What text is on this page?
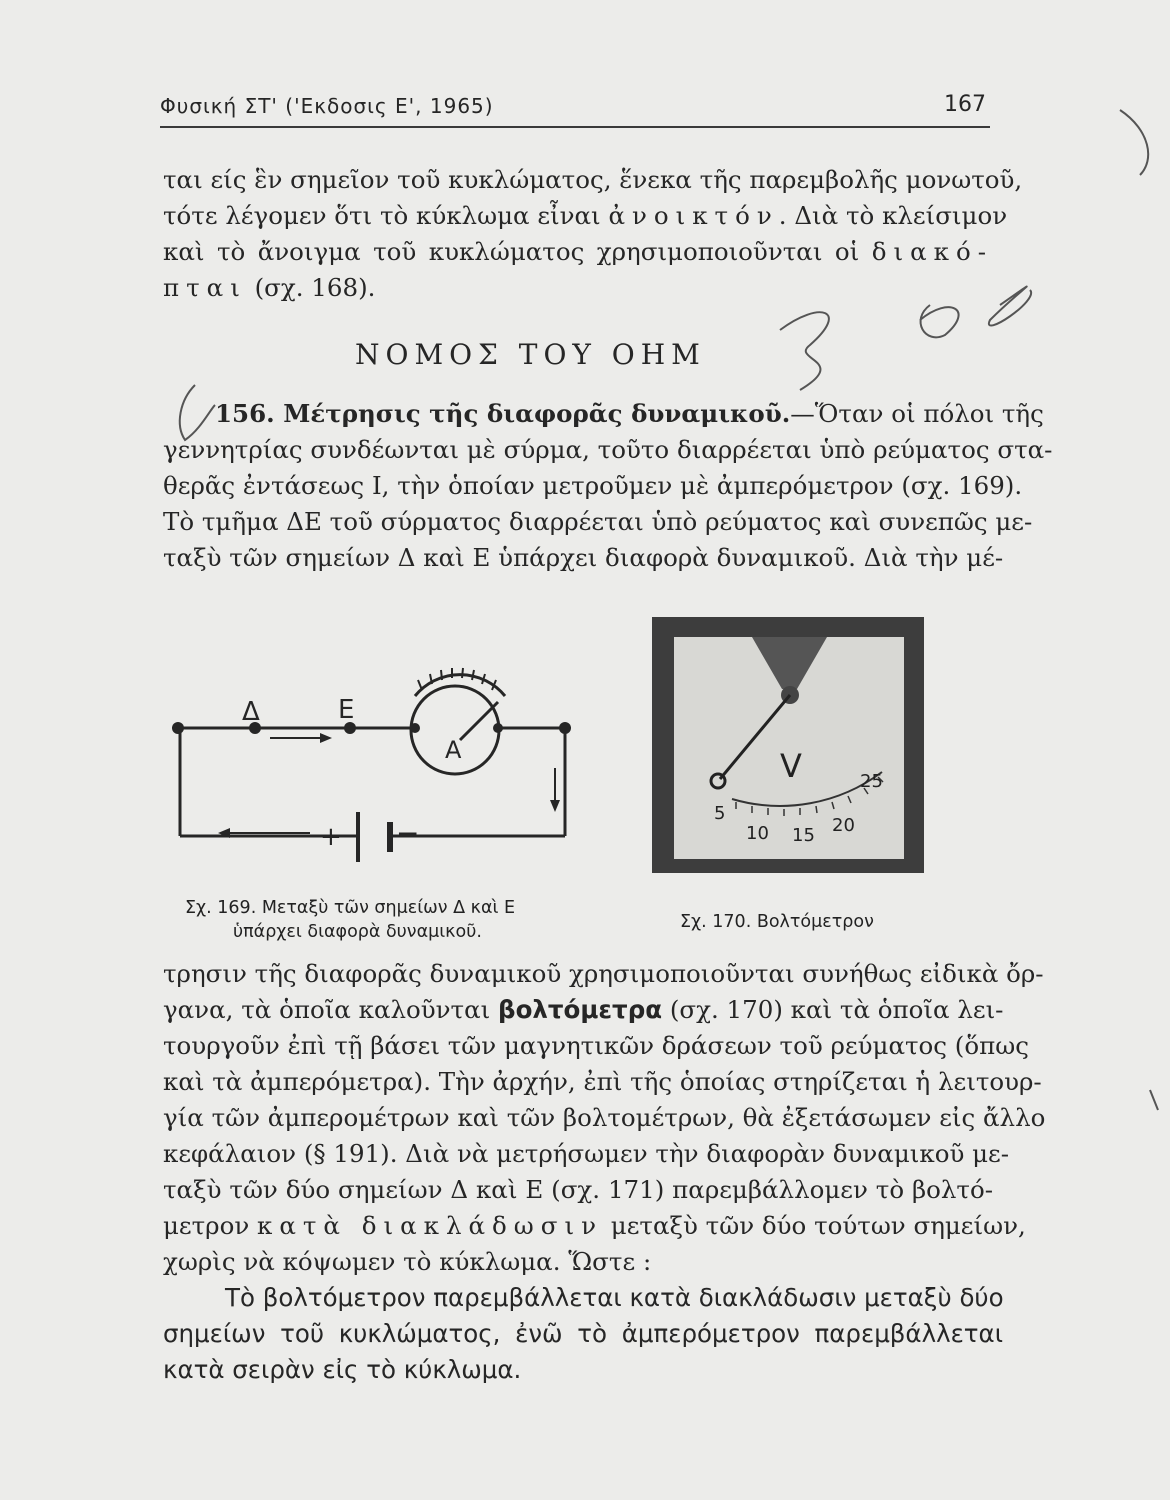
Φυσική ΣΤ' ('Εκδοσις Ε', 1965)	167
ται είς ἓν σημεῖον τοῦ κυκλώματος, ἕνεκα τῆς παρεμβολῆς μονωτοῦ,
τότε λέγομεν ὅτι τὸ κύκλωμα εἶναι ἀνοικτόν. Διὰ τὸ κλείσιμον
καὶ τὸ ἄνοιγμα τοῦ κυκλώματος χρησιμοποιοῦνται οἱ διακό-
πται (σχ. 168).
ΝΟΜΟΣ ΤΟΥ ΟΗΜ
156. Μέτρησις τῆς διαφορᾶς δυναμικοῦ.—Ὅταν οἱ πόλοι τῆς
γεννητρίας συνδέωνται μὲ σύρμα, τοῦτο διαρρέεται ὑπὸ ρεύματος στα-
θερᾶς ἐντάσεως Ι, τὴν ὁποίαν μετροῦμεν μὲ ἀμπερόμετρον (σχ. 169).
Τὸ τμῆμα ΔΕ τοῦ σύρματος διαρρέεται ὑπὸ ρεύματος καὶ συνεπῶς με-
ταξὺ τῶν σημείων Δ καὶ Ε ὑπάρχει διαφορὰ δυναμικοῦ. Διὰ τὴν μέ-
Δ	Ε
A
+ −
Σχ. 169. Μεταξὺ τῶν σημείων Δ καὶ Ε
ὑπάρχει διαφορὰ δυναμικοῦ.
V
5
10 15 20
25
Σχ. 170. Βολτόμετρον
τρησιν τῆς διαφορᾶς δυναμικοῦ χρησιμοποιοῦνται συνήθως εἰδικὰ ὄρ-
γανα, τὰ ὁποῖα καλοῦνται βολτόμετρα (σχ. 170) καὶ τὰ ὁποῖα λει-
τουργοῦν ἐπὶ τῇ βάσει τῶν μαγνητικῶν δράσεων τοῦ ρεύματος (ὅπως
καὶ τὰ ἀμπερόμετρα). Τὴν ἀρχήν, ἐπὶ τῆς ὁποίας στηρίζεται ἡ λειτουρ-
γία τῶν ἀμπερομέτρων καὶ τῶν βολτομέτρων, θὰ ἐξετάσωμεν εἰς ἄλλο
κεφάλαιον (§ 191). Διὰ νὰ μετρήσωμεν τὴν διαφορὰν δυναμικοῦ με-
ταξὺ τῶν δύο σημείων Δ καὶ Ε (σχ. 171) παρεμβάλλομεν τὸ βολτό-
μετρον κατὰ διακλάδωσιν μεταξὺ τῶν δύο τούτων σημείων,
χωρὶς νὰ κόψωμεν τὸ κύκλωμα. Ὥστε :
Τὸ βολτόμετρον παρεμβάλλεται κατὰ διακλάδωσιν μεταξὺ δύο
σημείων τοῦ κυκλώματος, ἐνῶ τὸ ἀμπερόμετρον παρεμβάλλεται
κατὰ σειρὰν εἰς τὸ κύκλωμα.
